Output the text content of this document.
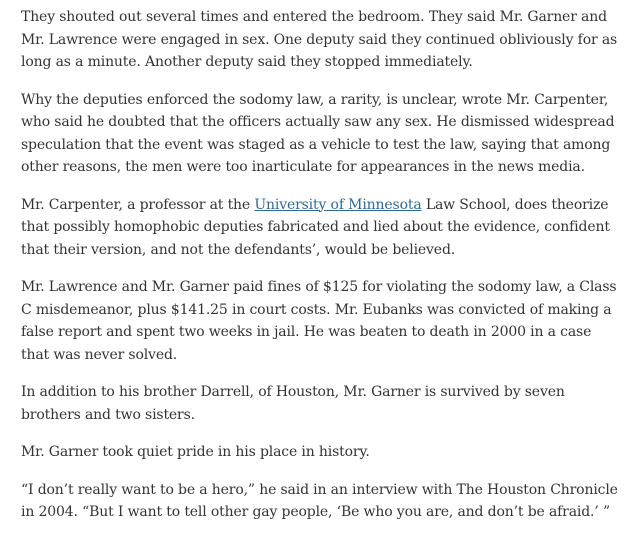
They shouted out several times and entered the bedroom. They said Mr. Garner and Mr. Lawrence were engaged in sex. One deputy said they continued obliviously for as long as a minute. Another deputy said they stopped immediately.

Why the deputies enforced the sodomy law, a rarity, is unclear, wrote Mr. Carpenter, who said he doubted that the officers actually saw any sex. He dismissed widespread speculation that the event was staged as a vehicle to test the law, saying that among other reasons, the men were too inarticulate for appearances in the news media.

Mr. Carpenter, a professor at the University of Minnesota Law School, does theorize that possibly homophobic deputies fabricated and lied about the evidence, confident that their version, and not the defendants’, would be believed.

Mr. Lawrence and Mr. Garner paid fines of $125 for violating the sodomy law, a Class C misdemeanor, plus $141.25 in court costs. Mr. Eubanks was convicted of making a false report and spent two weeks in jail. He was beaten to death in 2000 in a case that was never solved.

In addition to his brother Darrell, of Houston, Mr. Garner is survived by seven brothers and two sisters.

Mr. Garner took quiet pride in his place in history.

“I don’t really want to be a hero,” he said in an interview with The Houston Chronicle in 2004. “But I want to tell other gay people, ‘Be who you are, and don’t be afraid.’ ”
